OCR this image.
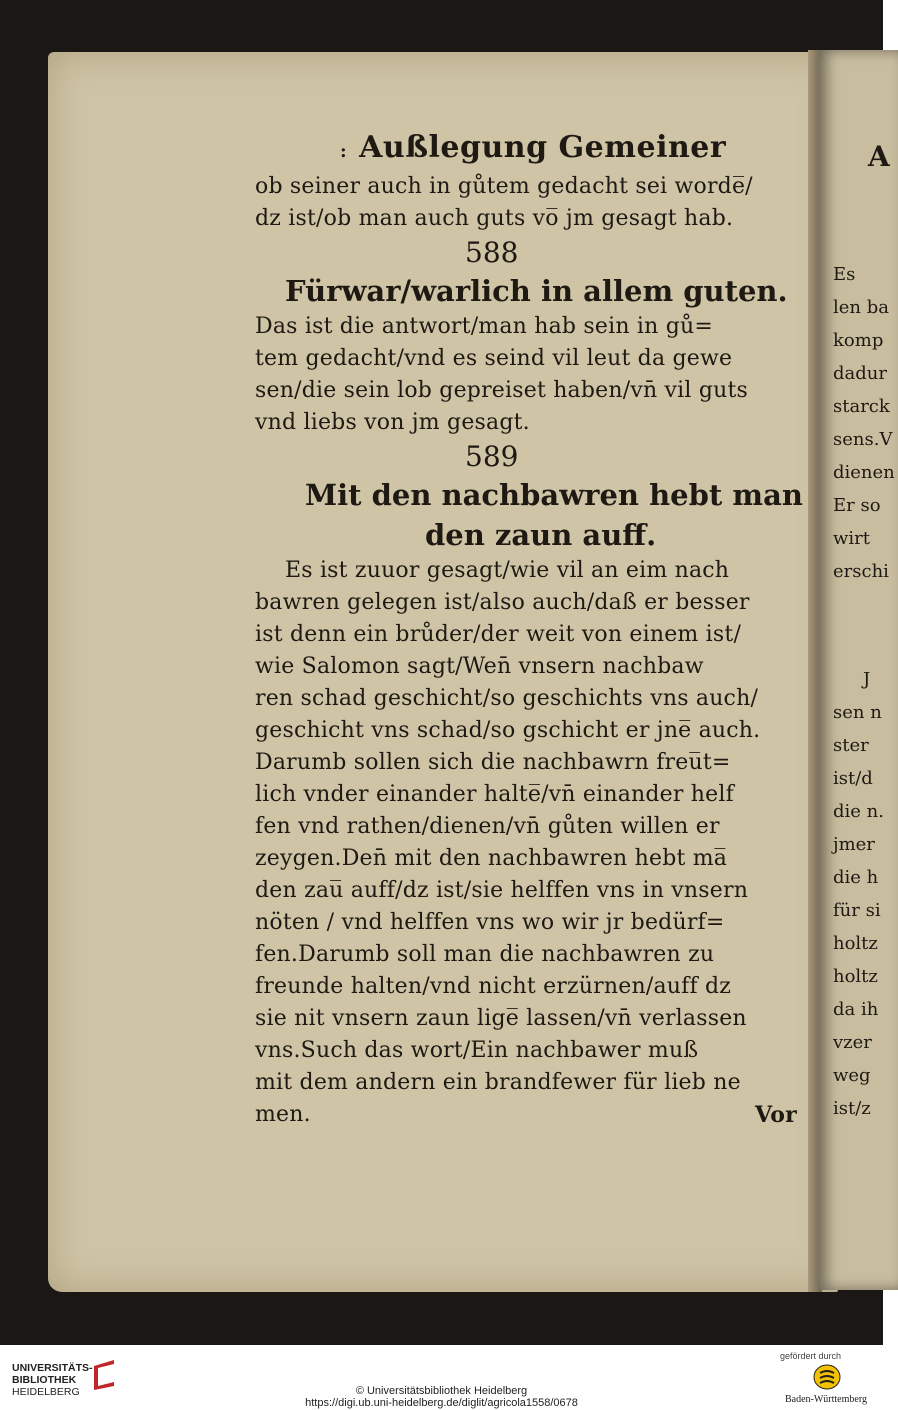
A
: Außlegung Gemeiner
ob seiner auch in gůtem gedacht sei worde̅/
dz ist/ob man auch guts vo̅ jm gesagt hab.
588
Fürwar/warlich in allem guten.
Das ist die antwort/man hab sein in gů=
tem gedacht/vnd es seind vil leut da gewe
sen/die sein lob gepreiset haben/vn̄ vil guts
vnd liebs von jm gesagt.
589
Mit den nachbawren hebt man
den zaun auff.
Es ist zuuor gesagt/wie vil an eim nach
bawren gelegen ist/also auch/daß er besser
ist denn ein brůder/der weit von einem ist/
wie Salomon sagt/Wen̄ vnsern nachbaw
ren schad geschicht/so geschichts vns auch/
geschicht vns schad/so gschicht er jne̅ auch.
Darumb sollen sich die nachbawrn freu̅t=
lich vnder einander halte̅/vn̄ einander helf
fen vnd rathen/dienen/vn̄ gůten willen er
zeygen.Den̄ mit den nachbawren hebt ma̅
den zau̅ auff/dz ist/sie helffen vns in vnsern
nöten / vnd helffen vns wo wir jr bedürf=
fen.Darumb soll man die nachbawren zu
freunde halten/vnd nicht erzürnen/auff dz
sie nit vnsern zaun lige̅ lassen/vn̄ verlassen
vns.Such das wort/Ein nachbawer muß
mit dem andern ein brandfewer für lieb ne
men.	Vor
Es
len ba
komp
dadur
starck
sens.V
dienen
Er so
wirt
erschi
J
sen n
ster
ist/d
die n.
jmer
die h
für si
holtz
holtz
da ih
vzer
weg
ist/z
UNIVERSITÄTS-
BIBLIOTHEK
HEIDELBERG	© Universitätsbibliothek Heidelberg
https://digi.ub.uni-heidelberg.de/diglit/agricola1558/0678
gefördert durch
Baden-Württemberg
